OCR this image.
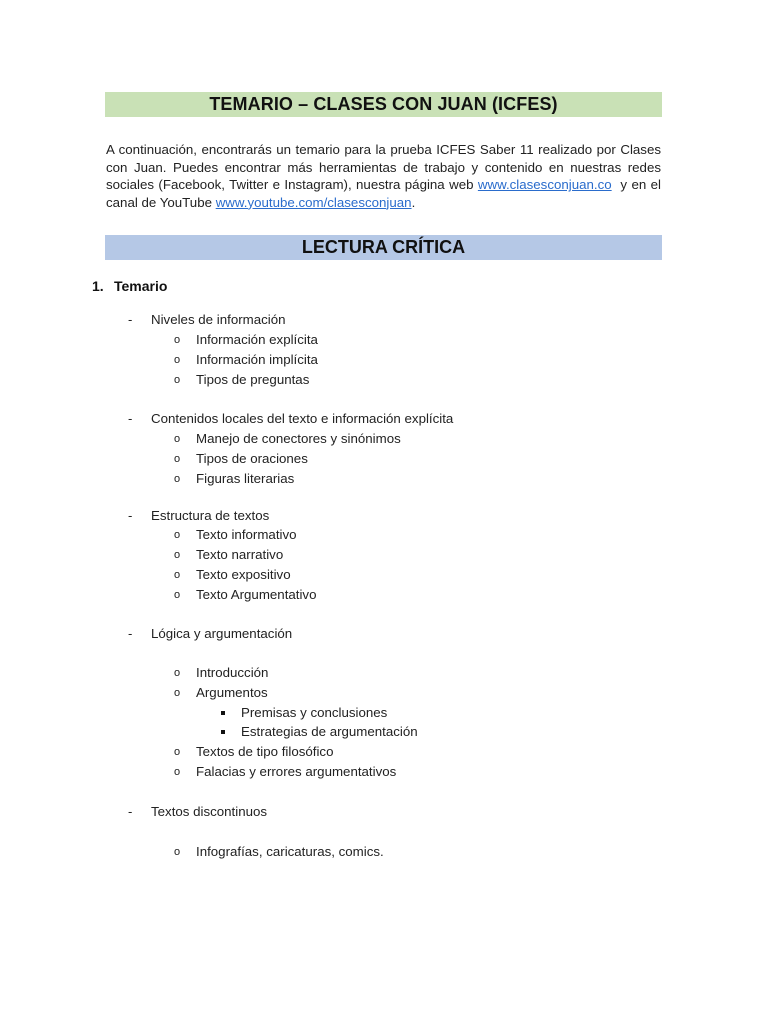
TEMARIO – CLASES CON JUAN (ICFES)

A continuación, encontrarás un temario para la prueba ICFES Saber 11 realizado por Clases con Juan. Puedes encontrar más herramientas de trabajo y contenido en nuestras redes sociales (Facebook, Twitter e Instagram), nuestra página web www.clasesconjuan.co  y en el canal de YouTube www.youtube.com/clasesconjuan.

LECTURA CRÍTICA
1. Temario
- Niveles de información
o Información explícita
o Información implícita
o Tipos de preguntas
- Contenidos locales del texto e información explícita
o Manejo de conectores y sinónimos
o Tipos de oraciones
o Figuras literarias
- Estructura de textos
o Texto informativo
o Texto narrativo
o Texto expositivo
o Texto Argumentativo
- Lógica y argumentación
o Introducción
o Argumentos
Premisas y conclusiones
Estrategias de argumentación
o Textos de tipo filosófico
o Falacias y errores argumentativos
- Textos discontinuos
o Infografías, caricaturas, comics.
